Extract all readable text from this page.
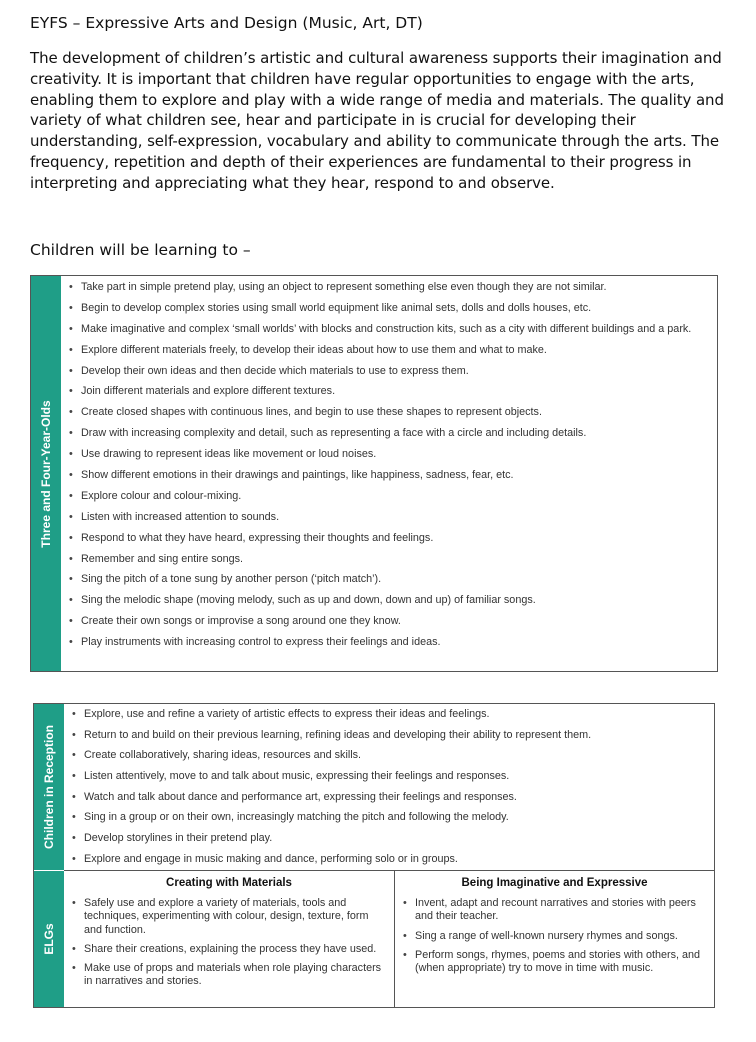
EYFS – Expressive Arts and Design (Music, Art, DT)
The development of children’s artistic and cultural awareness supports their imagination and creativity. It is important that children have regular opportunities to engage with the arts, enabling them to explore and play with a wide range of media and materials. The quality and variety of what children see, hear and participate in is crucial for developing their understanding, self-expression, vocabulary and ability to communicate through the arts. The frequency, repetition and depth of their experiences are fundamental to their progress in interpreting and appreciating what they hear, respond to and observe.
Children will be learning to –
Three and Four-Year-Olds
• Take part in simple pretend play, using an object to represent something else even though they are not similar.
• Begin to develop complex stories using small world equipment like animal sets, dolls and dolls houses, etc.
• Make imaginative and complex ‘small worlds’ with blocks and construction kits, such as a city with different buildings and a park.
• Explore different materials freely, to develop their ideas about how to use them and what to make.
• Develop their own ideas and then decide which materials to use to express them.
• Join different materials and explore different textures.
• Create closed shapes with continuous lines, and begin to use these shapes to represent objects.
• Draw with increasing complexity and detail, such as representing a face with a circle and including details.
• Use drawing to represent ideas like movement or loud noises.
• Show different emotions in their drawings and paintings, like happiness, sadness, fear, etc.
• Explore colour and colour-mixing.
• Listen with increased attention to sounds.
• Respond to what they have heard, expressing their thoughts and feelings.
• Remember and sing entire songs.
• Sing the pitch of a tone sung by another person (‘pitch match’).
• Sing the melodic shape (moving melody, such as up and down, down and up) of familiar songs.
• Create their own songs or improvise a song around one they know.
• Play instruments with increasing control to express their feelings and ideas.
Children in Reception
ELGs
• Explore, use and refine a variety of artistic effects to express their ideas and feelings.
• Return to and build on their previous learning, refining ideas and developing their ability to represent them.
• Create collaboratively, sharing ideas, resources and skills.
• Listen attentively, move to and talk about music, expressing their feelings and responses.
• Watch and talk about dance and performance art, expressing their feelings and responses.
• Sing in a group or on their own, increasingly matching the pitch and following the melody.
• Develop storylines in their pretend play.
• Explore and engage in music making and dance, performing solo or in groups.
Creating with Materials
• Safely use and explore a variety of materials, tools and techniques, experimenting with colour, design, texture, form and function.
• Share their creations, explaining the process they have used.
• Make use of props and materials when role playing characters in narratives and stories.
Being Imaginative and Expressive
• Invent, adapt and recount narratives and stories with peers and their teacher.
• Sing a range of well-known nursery rhymes and songs.
• Perform songs, rhymes, poems and stories with others, and (when appropriate) try to move in time with music.
